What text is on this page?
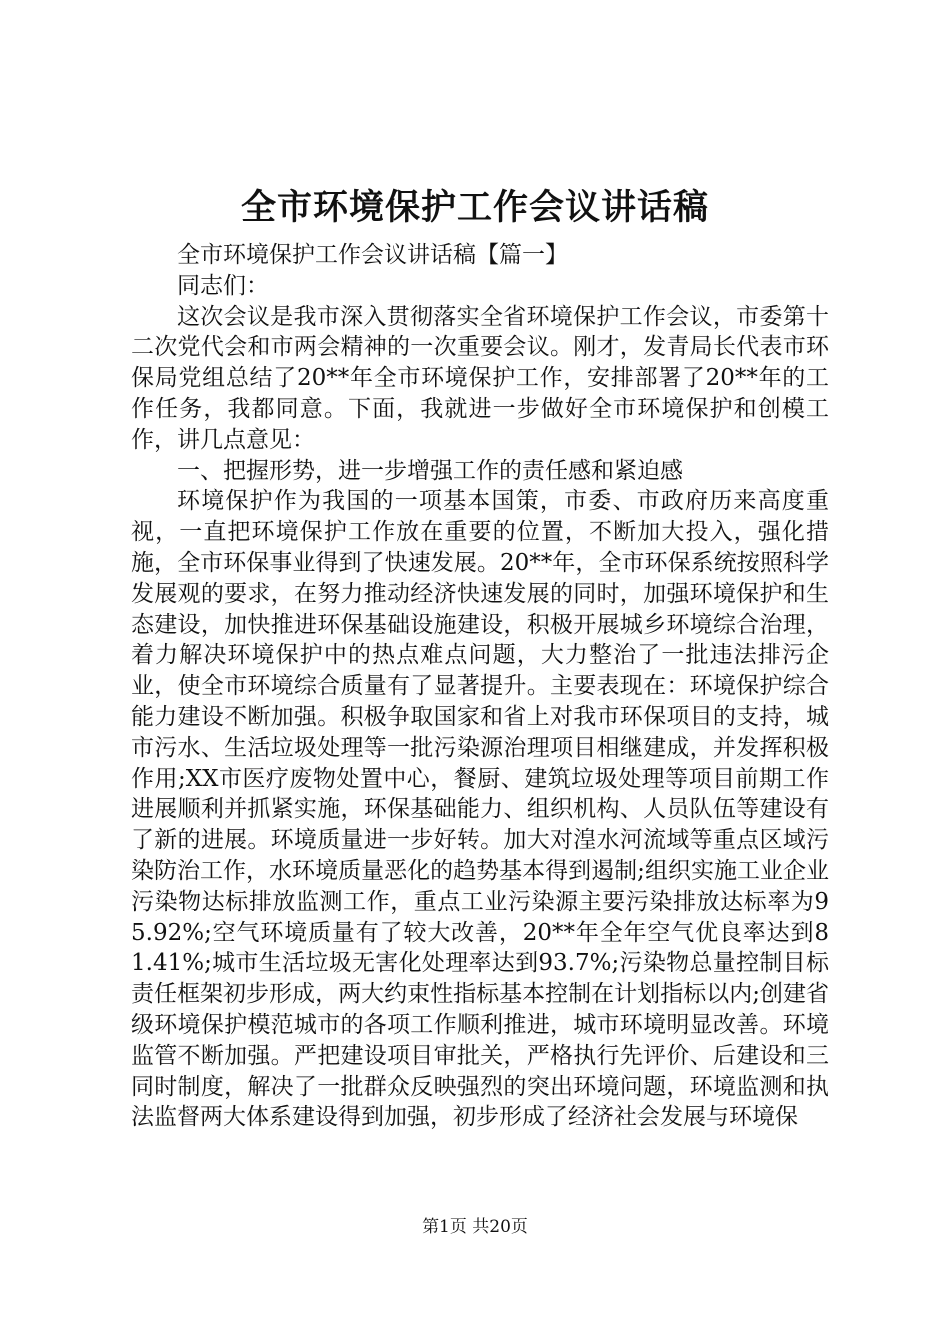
全市环境保护工作会议讲话稿

全市环境保护工作会议讲话稿【篇一】

同志们：

这次会议是我市深入贯彻落实全省环境保护工作会议，市委第十二次党代会和市两会精神的一次重要会议。刚才，发青局长代表市环保局党组总结了20**年全市环境保护工作，安排部署了20**年的工作任务，我都同意。下面，我就进一步做好全市环境保护和创模工作，讲几点意见：

一、把握形势，进一步增强工作的责任感和紧迫感

环境保护作为我国的一项基本国策，市委、市政府历来高度重视，一直把环境保护工作放在重要的位置，不断加大投入，强化措施，全市环保事业得到了快速发展。20**年，全市环保系统按照科学发展观的要求，在努力推动经济快速发展的同时，加强环境保护和生态建设，加快推进环保基础设施建设，积极开展城乡环境综合治理，着力解决环境保护中的热点难点问题，大力整治了一批违法排污企业，使全市环境综合质量有了显著提升。主要表现在：环境保护综合能力建设不断加强。积极争取国家和省上对我市环保项目的支持，城市污水、生活垃圾处理等一批污染源治理项目相继建成，并发挥积极作用;XX市医疗废物处置中心，餐厨、建筑垃圾处理等项目前期工作进展顺利并抓紧实施，环保基础能力、组织机构、人员队伍等建设有了新的进展。环境质量进一步好转。加大对湟水河流域等重点区域污染防治工作，水环境质量恶化的趋势基本得到遏制;组织实施工业企业污染物达标排放监测工作，重点工业污染源主要污染排放达标率为95.92%;空气环境质量有了较大改善，20**年全年空气优良率达到81.41%;城市生活垃圾无害化处理率达到93.7%;污染物总量控制目标责任框架初步形成，两大约束性指标基本控制在计划指标以内;创建省级环境保护模范城市的各项工作顺利推进，城市环境明显改善。环境监管不断加强。严把建设项目审批关，严格执行先评价、后建设和三同时制度，解决了一批群众反映强烈的突出环境问题，环境监测和执法监督两大体系建设得到加强，初步形成了经济社会发展与环境保

第1页 共20页
